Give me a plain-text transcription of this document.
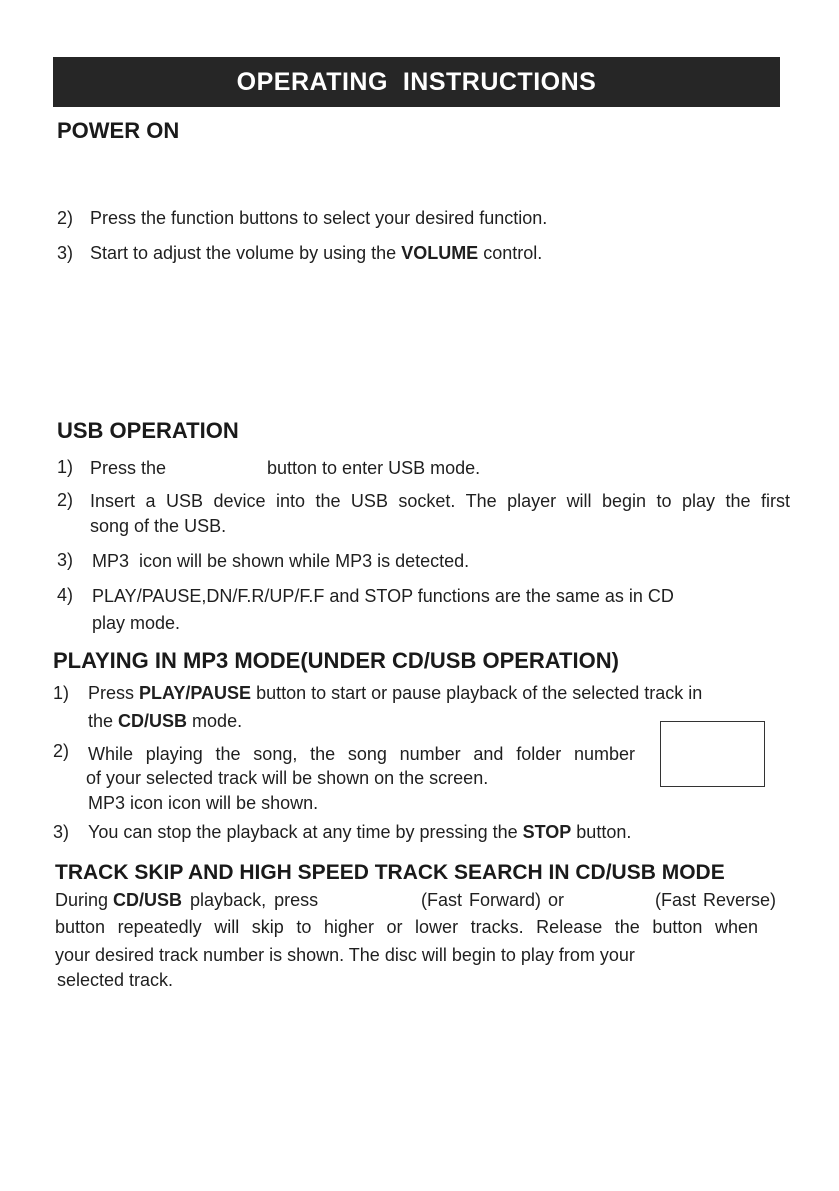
OPERATING  INSTRUCTIONS
POWER ON
2) Press the function buttons to select your desired function.
3) Start to adjust the volume by using the VOLUME control.
USB OPERATION
1) Press the	button to enter USB mode.
2) Insert a USB device into the USB socket. The player will begin to play the first
song of the USB.
3) MP3  icon will be shown while MP3 is detected.
4) PLAY/PAUSE,DN/F.R/UP/F.F and STOP functions are the same as in CD
play mode.
PLAYING IN MP3 MODE(UNDER CD/USB OPERATION)
1) Press PLAY/PAUSE button to start or pause playback of the selected track in
the CD/USB mode.
2) While playing the song, the song number and folder number
of your selected track will be shown on the screen.
MP3 icon icon will be shown.
3) You can stop the playback at any time by pressing the STOP button.
TRACK SKIP AND HIGH SPEED TRACK SEARCH IN CD/USB MODE
During CD/USB playback, press	(Fast Forward) or	(Fast Reverse)
button repeatedly will skip to higher or lower tracks. Release the button when
your desired track number is shown. The disc will begin to play from your
selected track.
